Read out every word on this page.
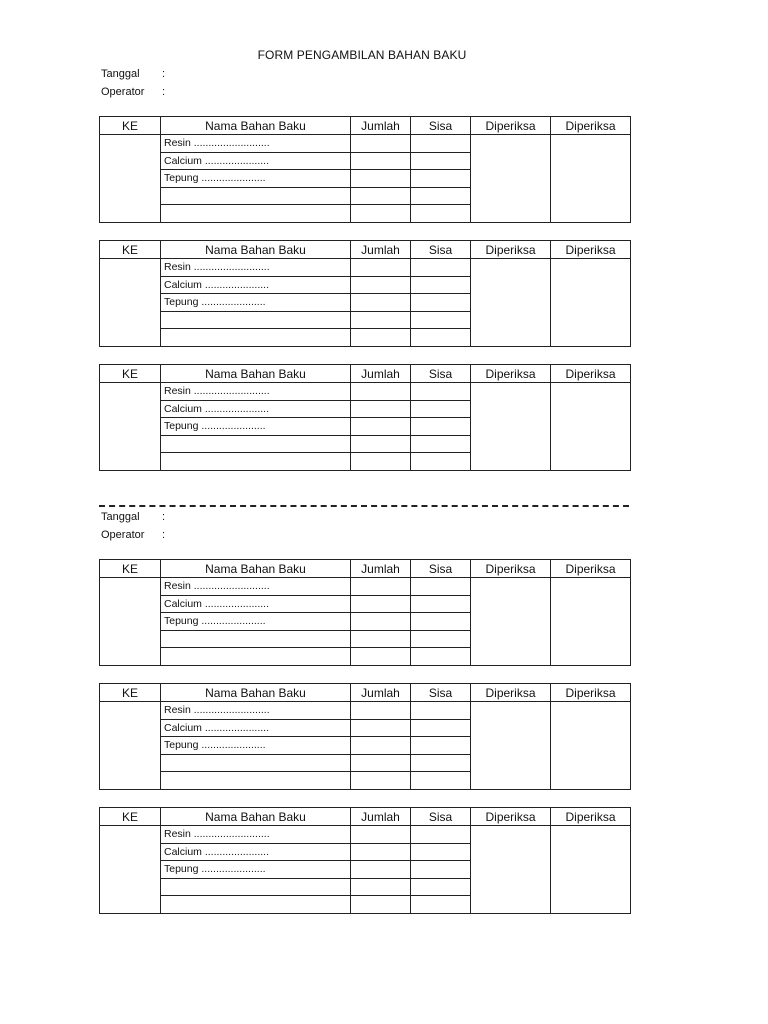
FORM PENGAMBILAN BAHAN BAKU
Tanggal	:
Operator	:
Tanggal	:
Operator	:
KE	Nama Bahan Baku	Jumlah	Sisa	Diperiksa	Diperiksa
	Resin ..........................				
	Calcium ......................				
	Tepung ......................				

KE	Nama Bahan Baku	Jumlah	Sisa	Diperiksa	Diperiksa
	Resin ..........................				
	Calcium ......................				
	Tepung ......................				

KE	Nama Bahan Baku	Jumlah	Sisa	Diperiksa	Diperiksa
	Resin ..........................				
	Calcium ......................				
	Tepung ......................				

KE	Nama Bahan Baku	Jumlah	Sisa	Diperiksa	Diperiksa
	Resin ..........................				
	Calcium ......................				
	Tepung ......................				

KE	Nama Bahan Baku	Jumlah	Sisa	Diperiksa	Diperiksa
	Resin ..........................				
	Calcium ......................				
	Tepung ......................				

KE	Nama Bahan Baku	Jumlah	Sisa	Diperiksa	Diperiksa
	Resin ..........................				
	Calcium ......................				
	Tepung ......................				
